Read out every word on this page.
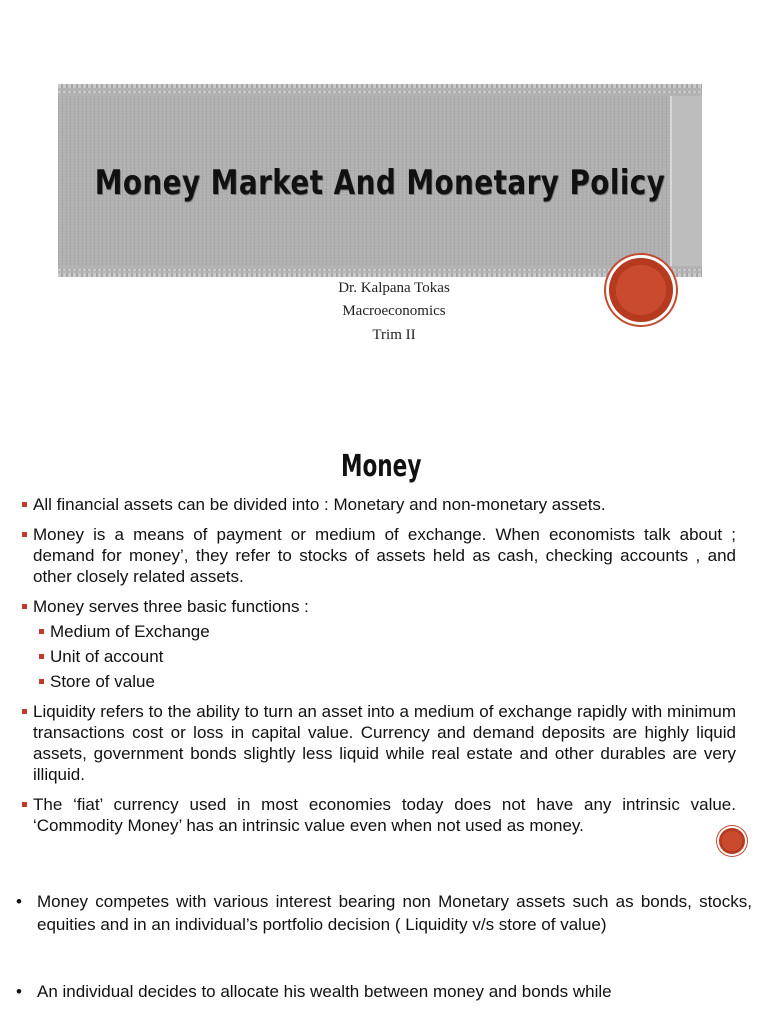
Money Market And Monetary Policy

Dr. Kalpana Tokas

Macroeconomics

Trim II

Money
All financial assets can be divided into : Monetary and non-monetary assets.
Money is a means of payment or medium of exchange. When economists talk about ; demand for money’, they refer to stocks of assets held as cash, checking accounts , and other closely related assets.
Money serves three basic functions :
Medium of Exchange
Unit of account
Store of value
Liquidity refers to the ability to turn an asset into a medium of exchange rapidly with minimum transactions cost or loss in capital value. Currency and demand deposits are highly liquid assets, government bonds slightly less liquid while real estate and other durables are very illiquid.
The ‘fiat’ currency used in most economies today does not have any intrinsic value. ‘Commodity Money’ has an intrinsic value even when not used as money.
• Money competes with various interest bearing non Monetary assets such as bonds, stocks, equities and in an individual’s portfolio decision ( Liquidity v/s store of value)
• An individual decides to allocate his wealth between money and bonds while
